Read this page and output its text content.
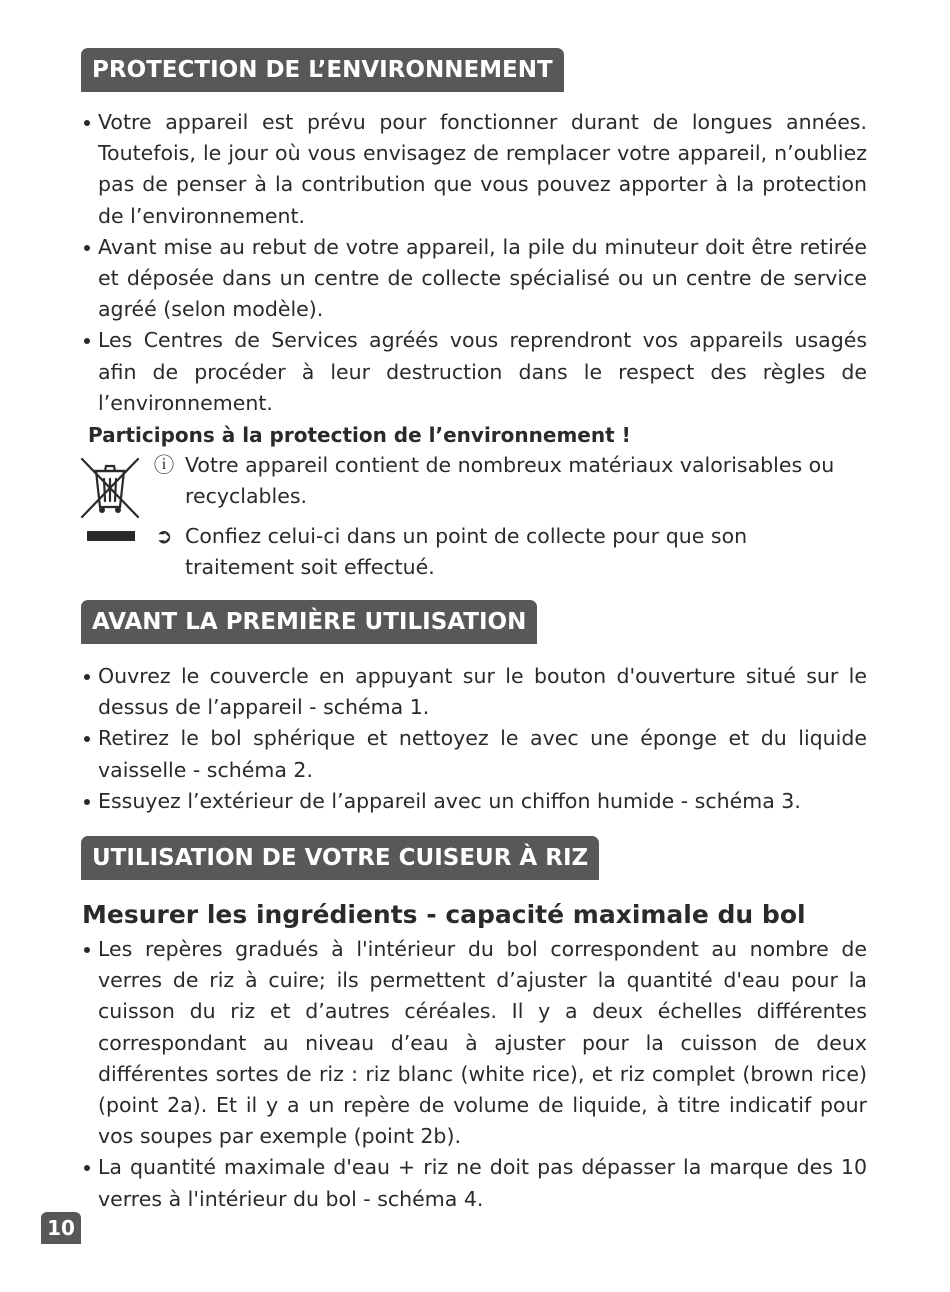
PROTECTION DE L’ENVIRONNEMENT
Votre appareil est prévu pour fonctionner durant de longues années. Toutefois, le jour où vous envisagez de remplacer votre appareil, n’oubliez pas de penser à la contribution que vous pouvez apporter à la protection de l’environnement.
Avant mise au rebut de votre appareil, la pile du minuteur doit être retirée et déposée dans un centre de collecte spécialisé ou un centre de service agréé (selon modèle).
Les Centres de Services agréés vous reprendront vos appareils usagés afin de procéder à leur destruction dans le respect des règles de l’environnement.
Participons à la protection de l’environnement !
ⓘ Votre appareil contient de nombreux matériaux valorisables ou recyclables.
➲ Confiez celui-ci dans un point de collecte pour que son traitement soit effectué.
AVANT LA PREMIÈRE UTILISATION
Ouvrez le couvercle en appuyant sur le bouton d'ouverture situé sur le dessus de l’appareil - schéma 1.
Retirez le bol sphérique et nettoyez le avec une éponge et du liquide vaisselle - schéma 2.
Essuyez l’extérieur de l’appareil avec un chiffon humide - schéma 3.
UTILISATION DE VOTRE CUISEUR À RIZ
Mesurer les ingrédients - capacité maximale du bol
Les repères gradués à l'intérieur du bol correspondent au nombre de verres de riz à cuire; ils permettent d’ajuster la quantité d'eau pour la cuisson du riz et d’autres céréales. Il y a deux échelles différentes correspondant au niveau d’eau à ajuster pour la cuisson de deux différentes sortes de riz : riz blanc (white rice), et riz complet (brown rice) (point 2a). Et il y a un repère de volume de liquide, à titre indicatif pour vos soupes par exemple (point 2b).
La quantité maximale d'eau + riz ne doit pas dépasser la marque des 10 verres à l'intérieur du bol - schéma 4.
10
